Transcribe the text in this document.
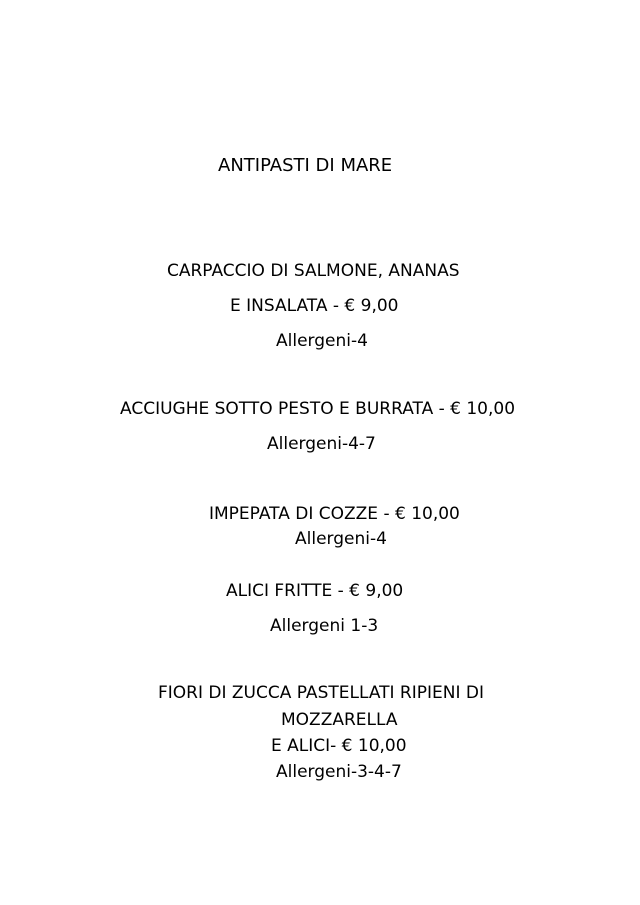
ANTIPASTI DI MARE
CARPACCIO DI SALMONE, ANANAS
E INSALATA - € 9,00
Allergeni-4
ACCIUGHE SOTTO PESTO E BURRATA - € 10,00
Allergeni-4-7
IMPEPATA DI COZZE - € 10,00
Allergeni-4
ALICI FRITTE - € 9,00
Allergeni 1-3
FIORI DI ZUCCA PASTELLATI RIPIENI DI
MOZZARELLA
E ALICI- € 10,00
Allergeni-3-4-7
